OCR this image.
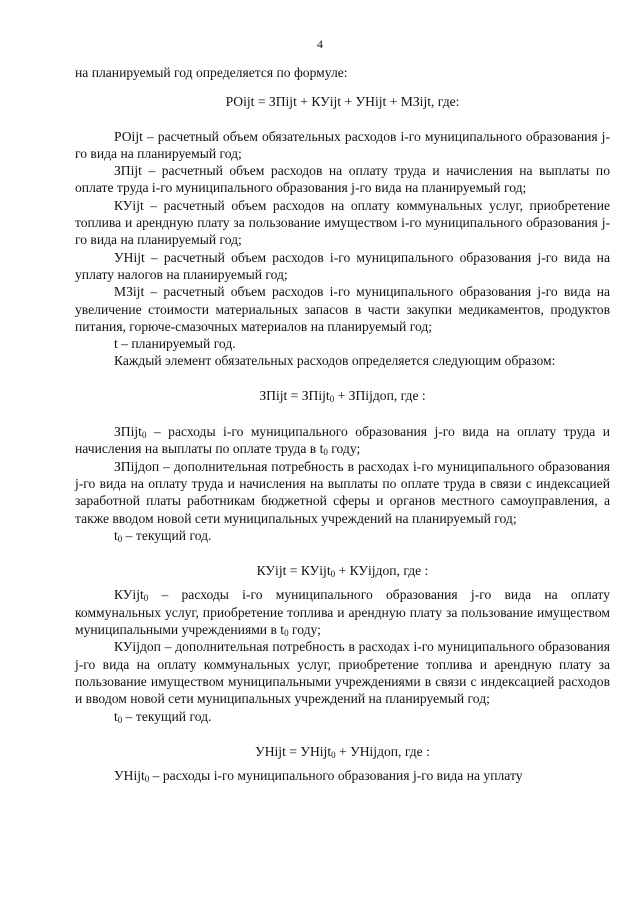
4

на планируемый год определяется по формуле:

РОijt = ЗПijt + КУijt + УНijt + МЗijt, где:

РОijt – расчетный объем обязательных расходов i-го муниципального образования j-го вида на планируемый год;

ЗПijt – расчетный объем расходов на оплату труда и начисления на выплаты по оплате труда i-го муниципального образования j-го вида на планируемый год;

КУijt – расчетный объем расходов на оплату коммунальных услуг, приобретение топлива и арендную плату за пользование имуществом i-го муниципального образования j-го вида на планируемый год;

УНijt – расчетный объем расходов i-го муниципального образования j-го вида на уплату налогов на планируемый год;

МЗijt – расчетный объем расходов i-го муниципального образования j-го вида на увеличение стоимости материальных запасов в части закупки медикаментов, продуктов питания, горюче-смазочных материалов на планируемый год;

t – планируемый год.

Каждый элемент обязательных расходов определяется следующим образом:

ЗПijt = ЗПijt$_0$ + ЗПijдоп, где :

ЗПijt$_0$ – расходы i-го муниципального образования j-го вида на оплату труда и начисления на выплаты по оплате труда в $t_0$ году;

ЗПijдоп – дополнительная потребность в расходах i-го муниципального образования j-го вида на оплату труда и начисления на выплаты по оплате труда в связи с индексацией заработной платы работникам бюджетной сферы и органов местного самоуправления, а также вводом новой сети муниципальных учреждений на планируемый год;

$t_0$ – текущий год.

КУijt = КУijt$_0$ + КУijдоп, где :

КУijt$_0$ – расходы i-го муниципального образования j-го вида на оплату коммунальных услуг, приобретение топлива и арендную плату за пользование имуществом муниципальными учреждениями в $t_0$ году;

КУijдоп – дополнительная потребность в расходах i-го муниципального образования j-го вида на оплату коммунальных услуг, приобретение топлива и арендную плату за пользование имуществом муниципальными учреждениями в связи с индексацией расходов и вводом новой сети муниципальных учреждений на планируемый год;

$t_0$ – текущий год.

УНijt = УНijt$_0$ + УНijдоп, где :

УНijt$_0$ – расходы i-го муниципального образования j-го вида на уплату
